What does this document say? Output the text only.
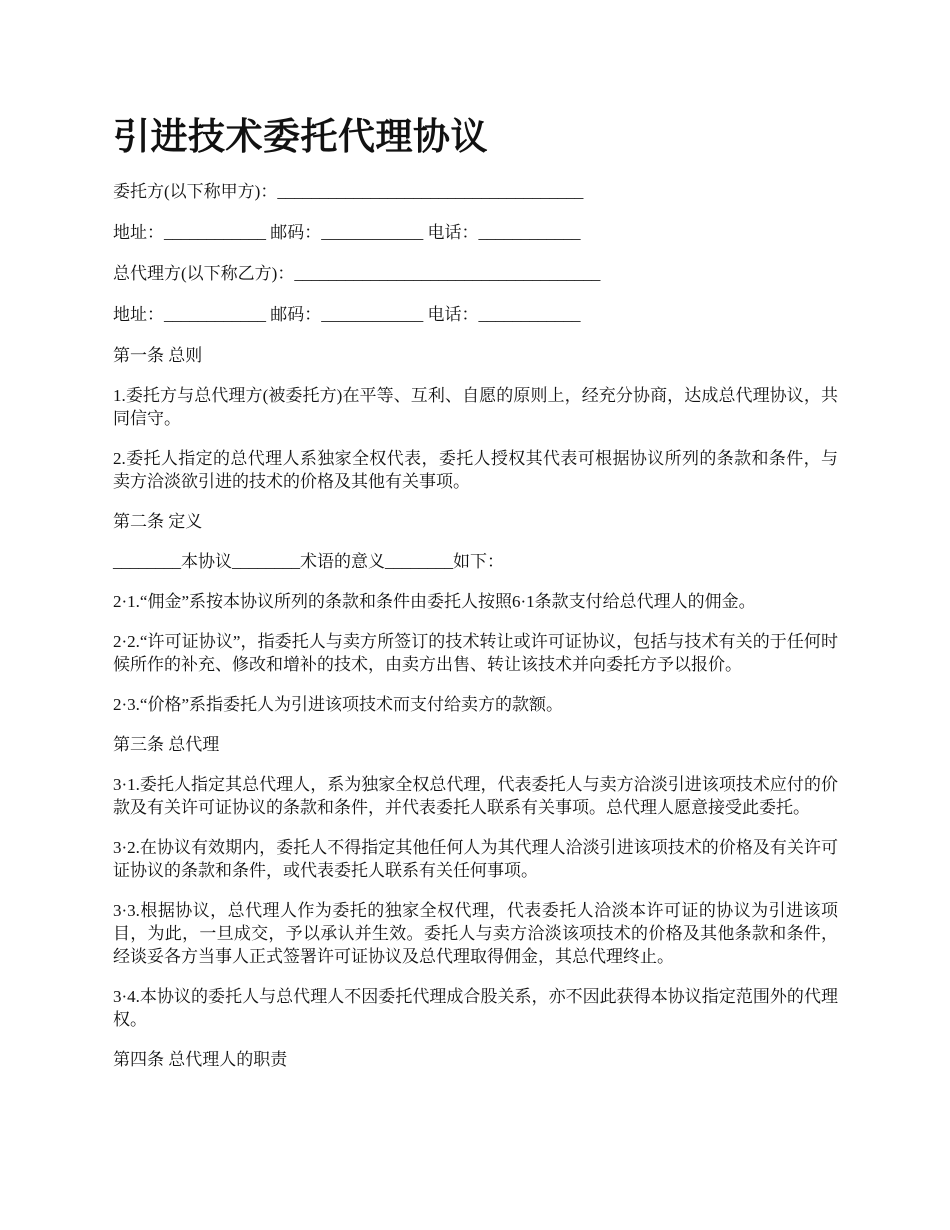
引进技术委托代理协议
委托方(以下称甲方)：____________________________________
地址：____________ 邮码：____________ 电话：____________
总代理方(以下称乙方)：____________________________________
地址：____________ 邮码：____________ 电话：____________
第一条 总则
1.委托方与总代理方(被委托方)在平等、互利、自愿的原则上，经充分协商，达成总代理协议，共同信守。
2.委托人指定的总代理人系独家全权代表，委托人授权其代表可根据协议所列的条款和条件，与卖方洽淡欲引进的技术的价格及其他有关事项。
第二条 定义
________本协议________术语的意义________如下：
2·1.“佣金”系按本协议所列的条款和条件由委托人按照6·1条款支付给总代理人的佣金。
2·2.“许可证协议”，指委托人与卖方所签订的技术转让或许可证协议，包括与技术有关的于任何时候所作的补充、修改和增补的技术，由卖方出售、转让该技术并向委托方予以报价。
2·3.“价格”系指委托人为引进该项技术而支付给卖方的款额。
第三条 总代理
3·1.委托人指定其总代理人，系为独家全权总代理，代表委托人与卖方洽淡引进该项技术应付的价款及有关许可证协议的条款和条件，并代表委托人联系有关事项。总代理人愿意接受此委托。
3·2.在协议有效期内，委托人不得指定其他任何人为其代理人洽淡引进该项技术的价格及有关许可证协议的条款和条件，或代表委托人联系有关任何事项。
3·3.根据协议，总代理人作为委托的独家全权代理，代表委托人洽淡本许可证的协议为引进该项目，为此，一旦成交，予以承认并生效。委托人与卖方洽淡该项技术的价格及其他条款和条件，经谈妥各方当事人正式签署许可证协议及总代理取得佣金，其总代理终止。
3·4.本协议的委托人与总代理人不因委托代理成合股关系，亦不因此获得本协议指定范围外的代理权。
第四条 总代理人的职责
